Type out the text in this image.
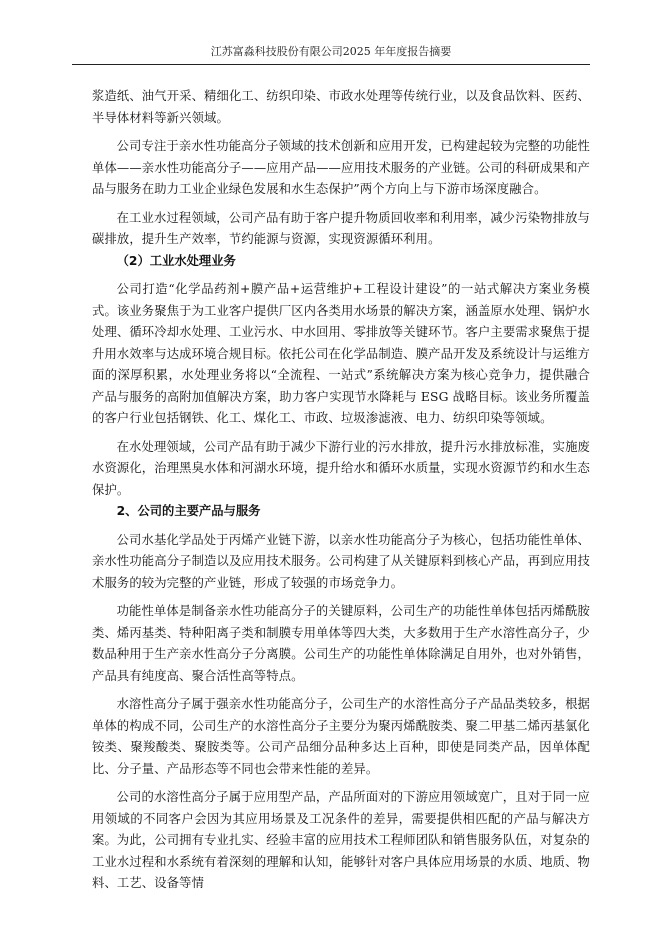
江苏富淼科技股份有限公司2025 年年度报告摘要

浆造纸、油气开采、精细化工、纺织印染、市政水处理等传统行业，以及食品饮料、医药、半导体材料等新兴领域。

公司专注于亲水性功能高分子领域的技术创新和应用开发，已构建起较为完整的功能性单体——亲水性功能高分子——应用产品——应用技术服务的产业链。公司的科研成果和产品与服务在助力工业企业绿色发展和水生态保护”两个方向上与下游市场深度融合。

在工业水过程领域，公司产品有助于客户提升物质回收率和利用率，减少污染物排放与碳排放，提升生产效率，节约能源与资源，实现资源循环利用。

（2）工业水处理业务

公司打造“化学品药剂+膜产品+运营维护+工程设计建设”的一站式解决方案业务模式。该业务聚焦于为工业客户提供厂区内各类用水场景的解决方案，涵盖原水处理、锅炉水处理、循环冷却水处理、工业污水、中水回用、零排放等关键环节。客户主要需求聚焦于提升用水效率与达成环境合规目标。依托公司在化学品制造、膜产品开发及系统设计与运维方面的深厚积累，水处理业务将以“全流程、一站式”系统解决方案为核心竞争力，提供融合产品与服务的高附加值解决方案，助力客户实现节水降耗与 ESG 战略目标。该业务所覆盖的客户行业包括钢铁、化工、煤化工、市政、垃圾渗滤液、电力、纺织印染等领域。

在水处理领域，公司产品有助于减少下游行业的污水排放，提升污水排放标准，实施废水资源化，治理黑臭水体和河湖水环境，提升给水和循环水质量，实现水资源节约和水生态保护。

2、公司的主要产品与服务

公司水基化学品处于丙烯产业链下游，以亲水性功能高分子为核心，包括功能性单体、亲水性功能高分子制造以及应用技术服务。公司构建了从关键原料到核心产品，再到应用技术服务的较为完整的产业链，形成了较强的市场竞争力。

功能性单体是制备亲水性功能高分子的关键原料，公司生产的功能性单体包括丙烯酰胺类、烯丙基类、特种阳离子类和制膜专用单体等四大类，大多数用于生产水溶性高分子，少数品种用于生产亲水性高分子分离膜。公司生产的功能性单体除满足自用外，也对外销售，产品具有纯度高、聚合活性高等特点。

水溶性高分子属于强亲水性功能高分子，公司生产的水溶性高分子产品品类较多，根据单体的构成不同，公司生产的水溶性高分子主要分为聚丙烯酰胺类、聚二甲基二烯丙基氯化铵类、聚羧酸类、聚胺类等。公司产品细分品种多达上百种，即使是同类产品，因单体配比、分子量、产品形态等不同也会带来性能的差异。

公司的水溶性高分子属于应用型产品，产品所面对的下游应用领域宽广，且对于同一应用领域的不同客户会因为其应用场景及工况条件的差异，需要提供相匹配的产品与解决方案。为此，公司拥有专业扎实、经验丰富的应用技术工程师团队和销售服务队伍，对复杂的工业水过程和水系统有着深刻的理解和认知，能够针对客户具体应用场景的水质、地质、物料、工艺、设备等情
